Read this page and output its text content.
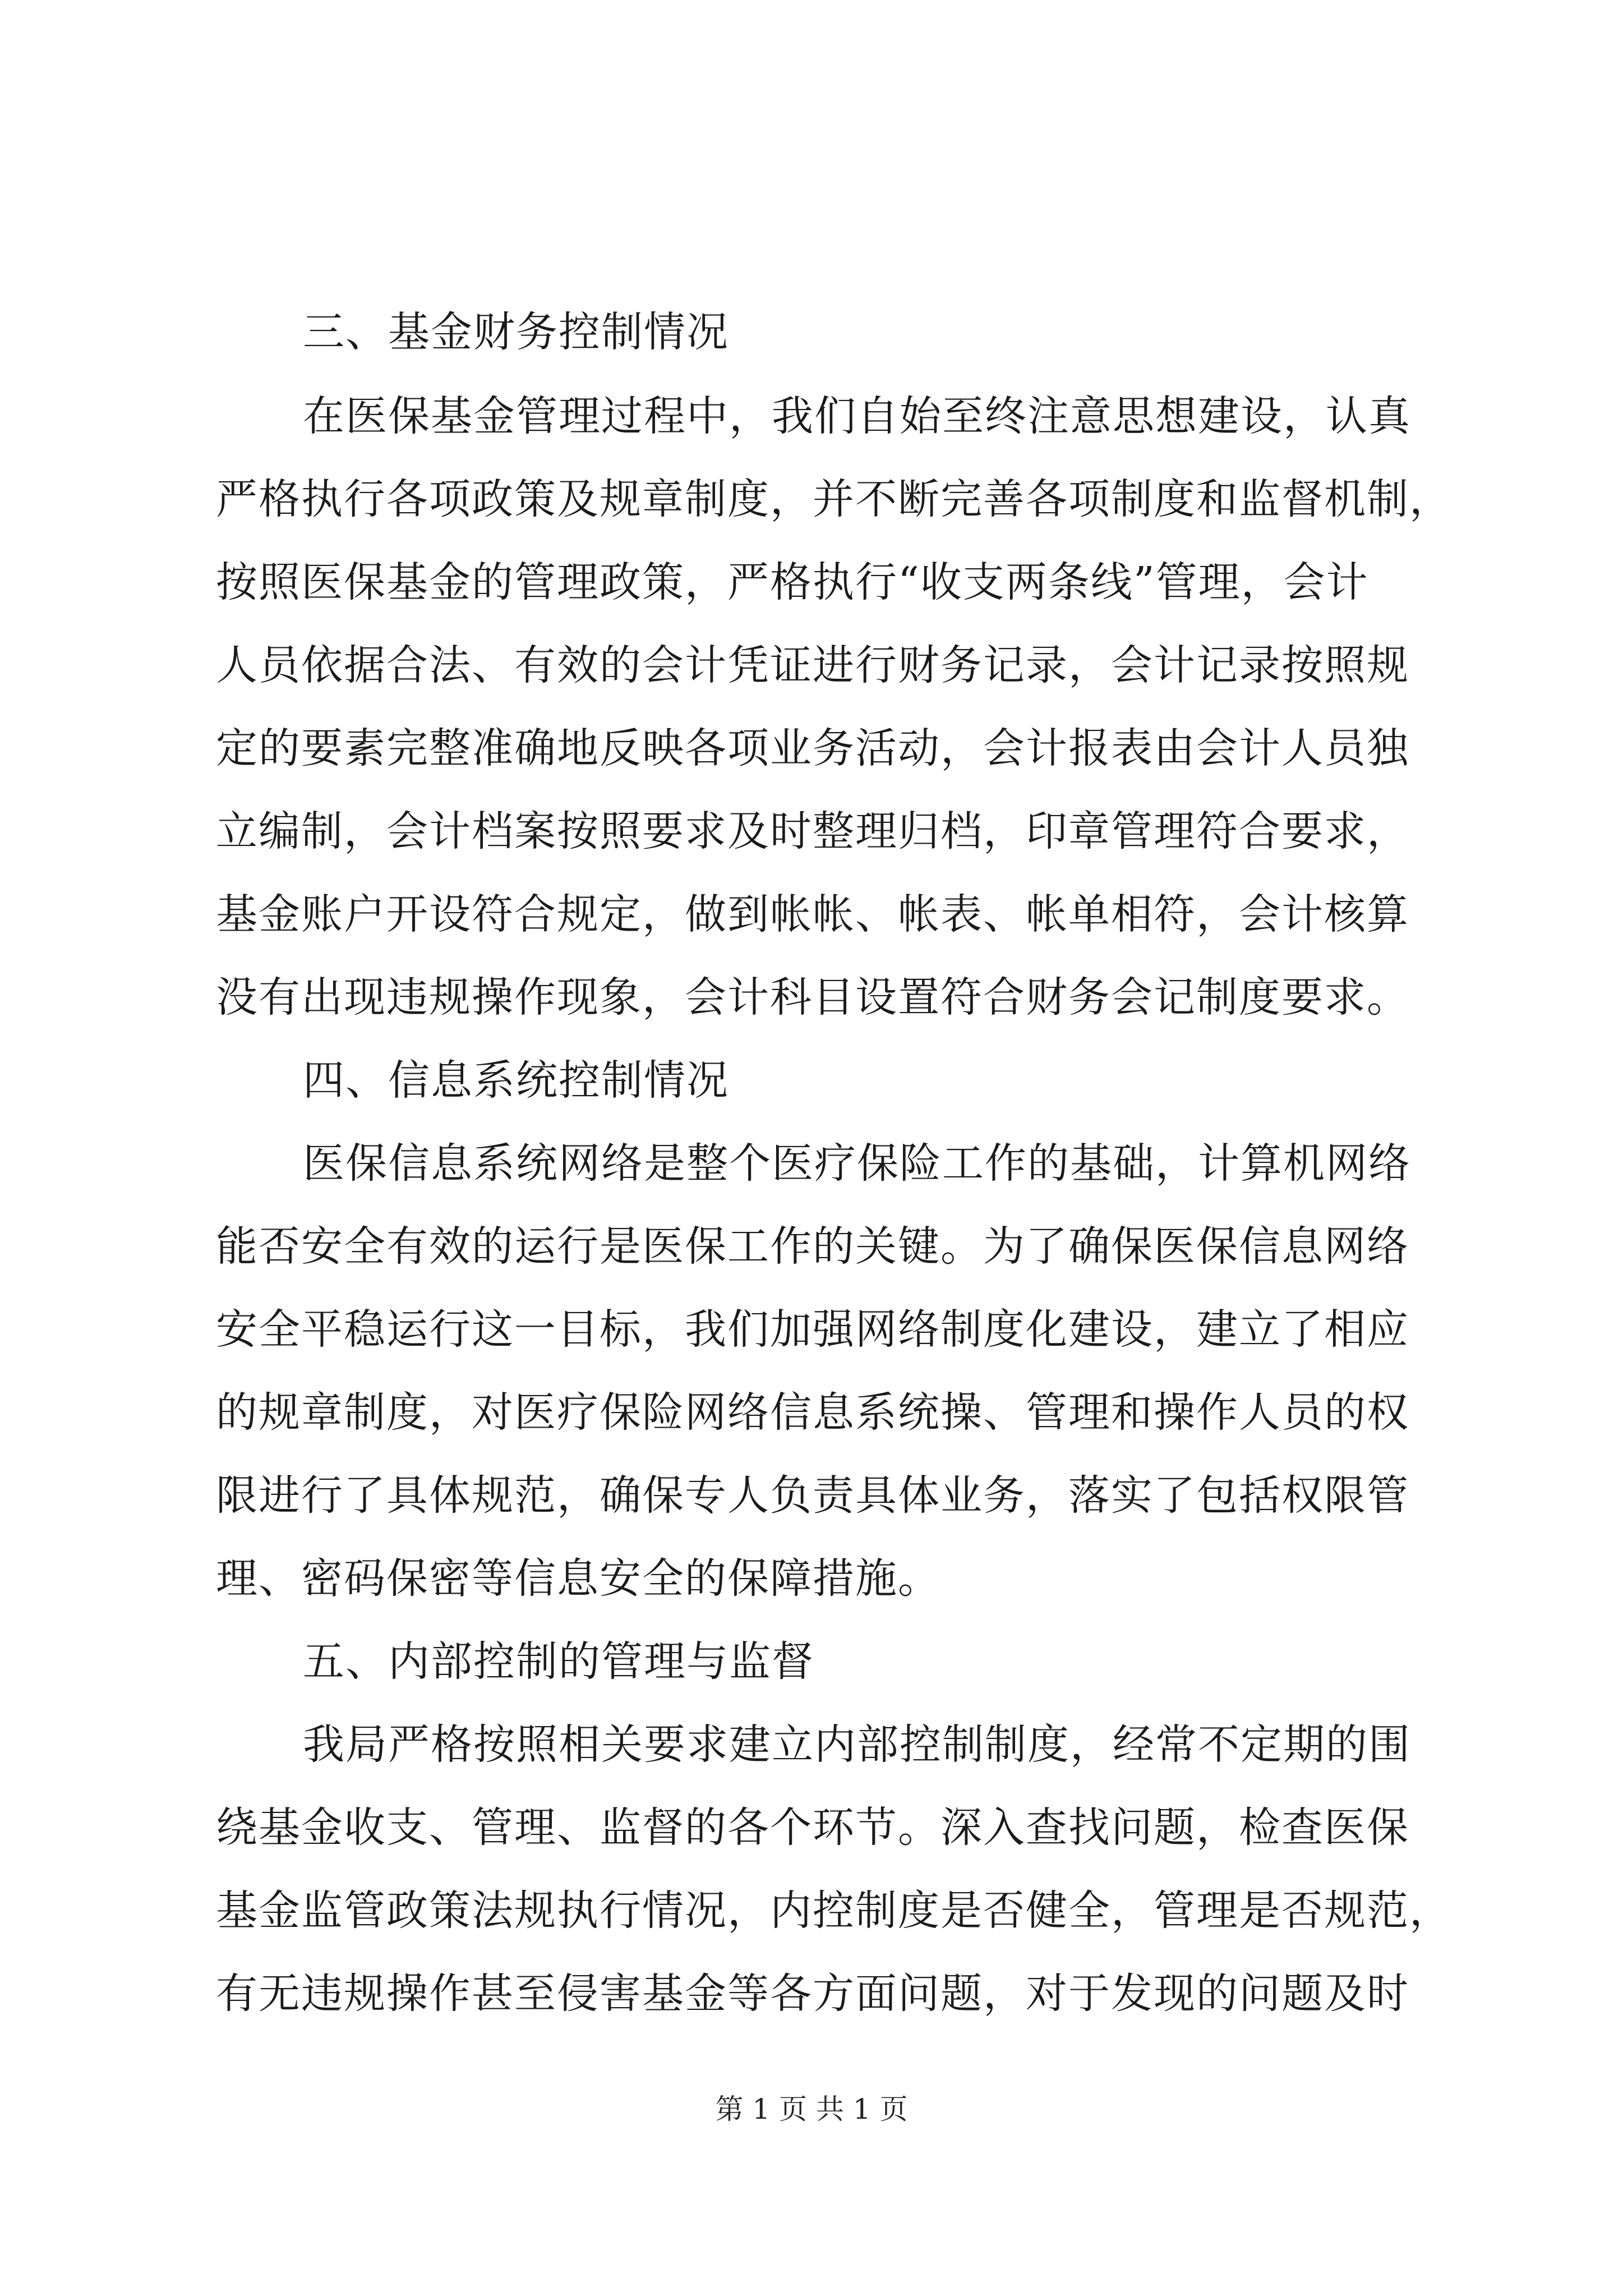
三、基金财务控制情况
在医保基金管理过程中，我们自始至终注意思想建设，认真
严格执行各项政策及规章制度，并不断完善各项制度和监督机制，
按照医保基金的管理政策，严格执行“收支两条线”管理，会计
人员依据合法、有效的会计凭证进行财务记录，会计记录按照规
定的要素完整准确地反映各项业务活动，会计报表由会计人员独
立编制，会计档案按照要求及时整理归档，印章管理符合要求，
基金账户开设符合规定，做到帐帐、帐表、帐单相符，会计核算
没有出现违规操作现象，会计科目设置符合财务会记制度要求。
四、信息系统控制情况
医保信息系统网络是整个医疗保险工作的基础，计算机网络
能否安全有效的运行是医保工作的关键。为了确保医保信息网络
安全平稳运行这一目标，我们加强网络制度化建设，建立了相应
的规章制度，对医疗保险网络信息系统操、管理和操作人员的权
限进行了具体规范，确保专人负责具体业务，落实了包括权限管
理、密码保密等信息安全的保障措施。
五、内部控制的管理与监督
我局严格按照相关要求建立内部控制制度，经常不定期的围
绕基金收支、管理、监督的各个环节。深入查找问题，检查医保
基金监管政策法规执行情况，内控制度是否健全，管理是否规范，
有无违规操作甚至侵害基金等各方面问题，对于发现的问题及时
第 1 页 共 1 页
